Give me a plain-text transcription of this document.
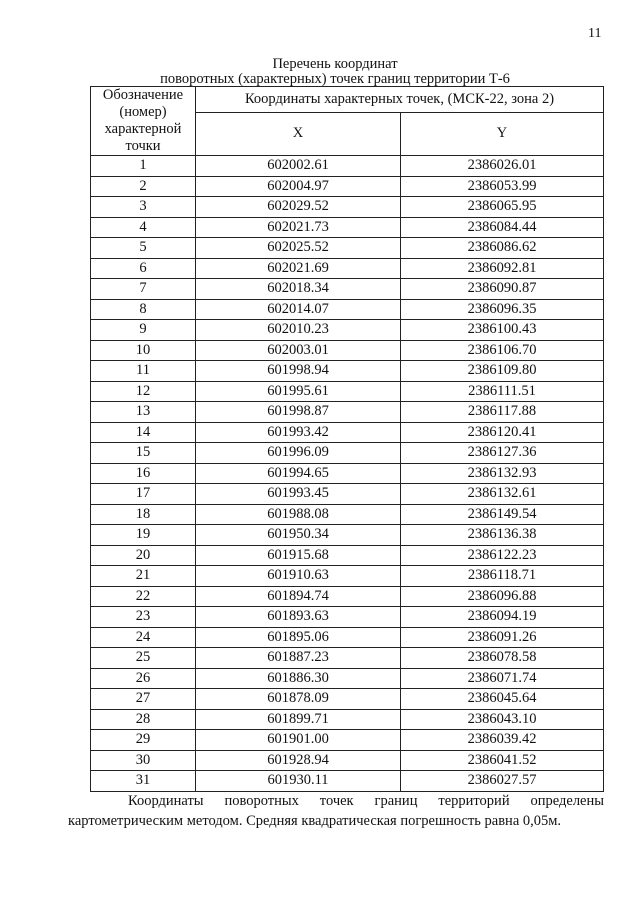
11
Перечень координат
поворотных (характерных) точек границ территории Т-6
Обозначение (номер) характерной точки	Координаты характерных точек, (МСК-22, зона 2)	
	X	Y
1	602002.61	2386026.01
2	602004.97	2386053.99
3	602029.52	2386065.95
4	602021.73	2386084.44
5	602025.52	2386086.62
6	602021.69	2386092.81
7	602018.34	2386090.87
8	602014.07	2386096.35
9	602010.23	2386100.43
10	602003.01	2386106.70
11	601998.94	2386109.80
12	601995.61	2386111.51
13	601998.87	2386117.88
14	601993.42	2386120.41
15	601996.09	2386127.36
16	601994.65	2386132.93
17	601993.45	2386132.61
18	601988.08	2386149.54
19	601950.34	2386136.38
20	601915.68	2386122.23
21	601910.63	2386118.71
22	601894.74	2386096.88
23	601893.63	2386094.19
24	601895.06	2386091.26
25	601887.23	2386078.58
26	601886.30	2386071.74
27	601878.09	2386045.64
28	601899.71	2386043.10
29	601901.00	2386039.42
30	601928.94	2386041.52
31	601930.11	2386027.57
Координаты поворотных точек границ территорий определены
картометрическим методом. Средняя квадратическая погрешность равна 0,05м.
